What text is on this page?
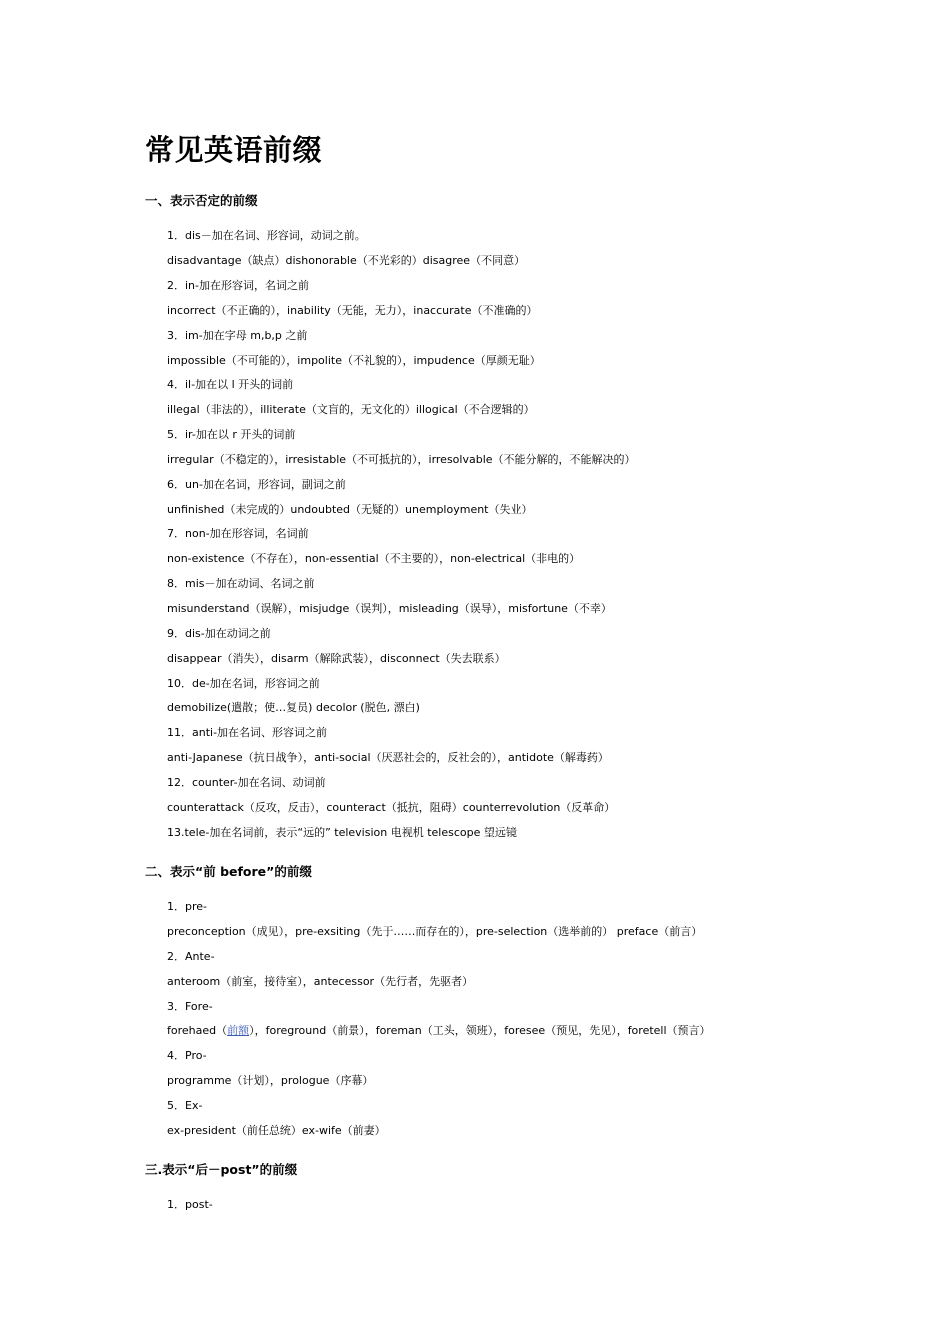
常见英语前缀
一、表示否定的前缀
1．dis－加在名词、形容词，动词之前。
disadvantage（缺点）dishonorable（不光彩的）disagree（不同意）
2．in-加在形容词，名词之前
incorrect（不正确的），inability（无能，无力），inaccurate（不准确的）
3．im-加在字母 m,b,p 之前
impossible（不可能的），impolite（不礼貌的），impudence（厚颜无耻）
4．il-加在以 l 开头的词前
illegal（非法的），illiterate（文盲的，无文化的）illogical（不合逻辑的）
5．ir-加在以 r 开头的词前
irregular（不稳定的），irresistable（不可抵抗的），irresolvable（不能分解的，不能解决的）
6．un-加在名词，形容词，副词之前
unfinished（未完成的）undoubted（无疑的）unemployment（失业）
7．non-加在形容词，名词前
non-existence（不存在），non-essential（不主要的），non-electrical（非电的）
8．mis－加在动词、名词之前
misunderstand（误解），misjudge（误判），misleading（误导），misfortune（不幸）
9．dis-加在动词之前
disappear（消失），disarm（解除武装），disconnect（失去联系）
10．de-加在名词，形容词之前
demobilize(遣散；使…复员) decolor (脱色, 漂白)
11．anti-加在名词、形容词之前
anti-Japanese（抗日战争），anti-social（厌恶社会的，反社会的），antidote（解毒药）
12．counter-加在名词、动词前
counterattack（反攻，反击），counteract（抵抗，阻碍）counterrevolution（反革命）
13.tele-加在名词前，表示“远的” television 电视机 telescope 望远镜
二、表示“前 before”的前缀
1．pre-
preconception（成见），pre-exsiting（先于……而存在的），pre-selection（选举前的） preface（前言）
2．Ante-
anteroom（前室，接待室），antecessor（先行者，先驱者）
3．Fore-
forehaed（前额），foreground（前景），foreman（工头，领班），foresee（预见，先见），foretell（预言）
4．Pro-
programme（计划），prologue（序幕）
5．Ex-
ex-president（前任总统）ex-wife（前妻）
三.表示“后－post”的前缀
1．post-
